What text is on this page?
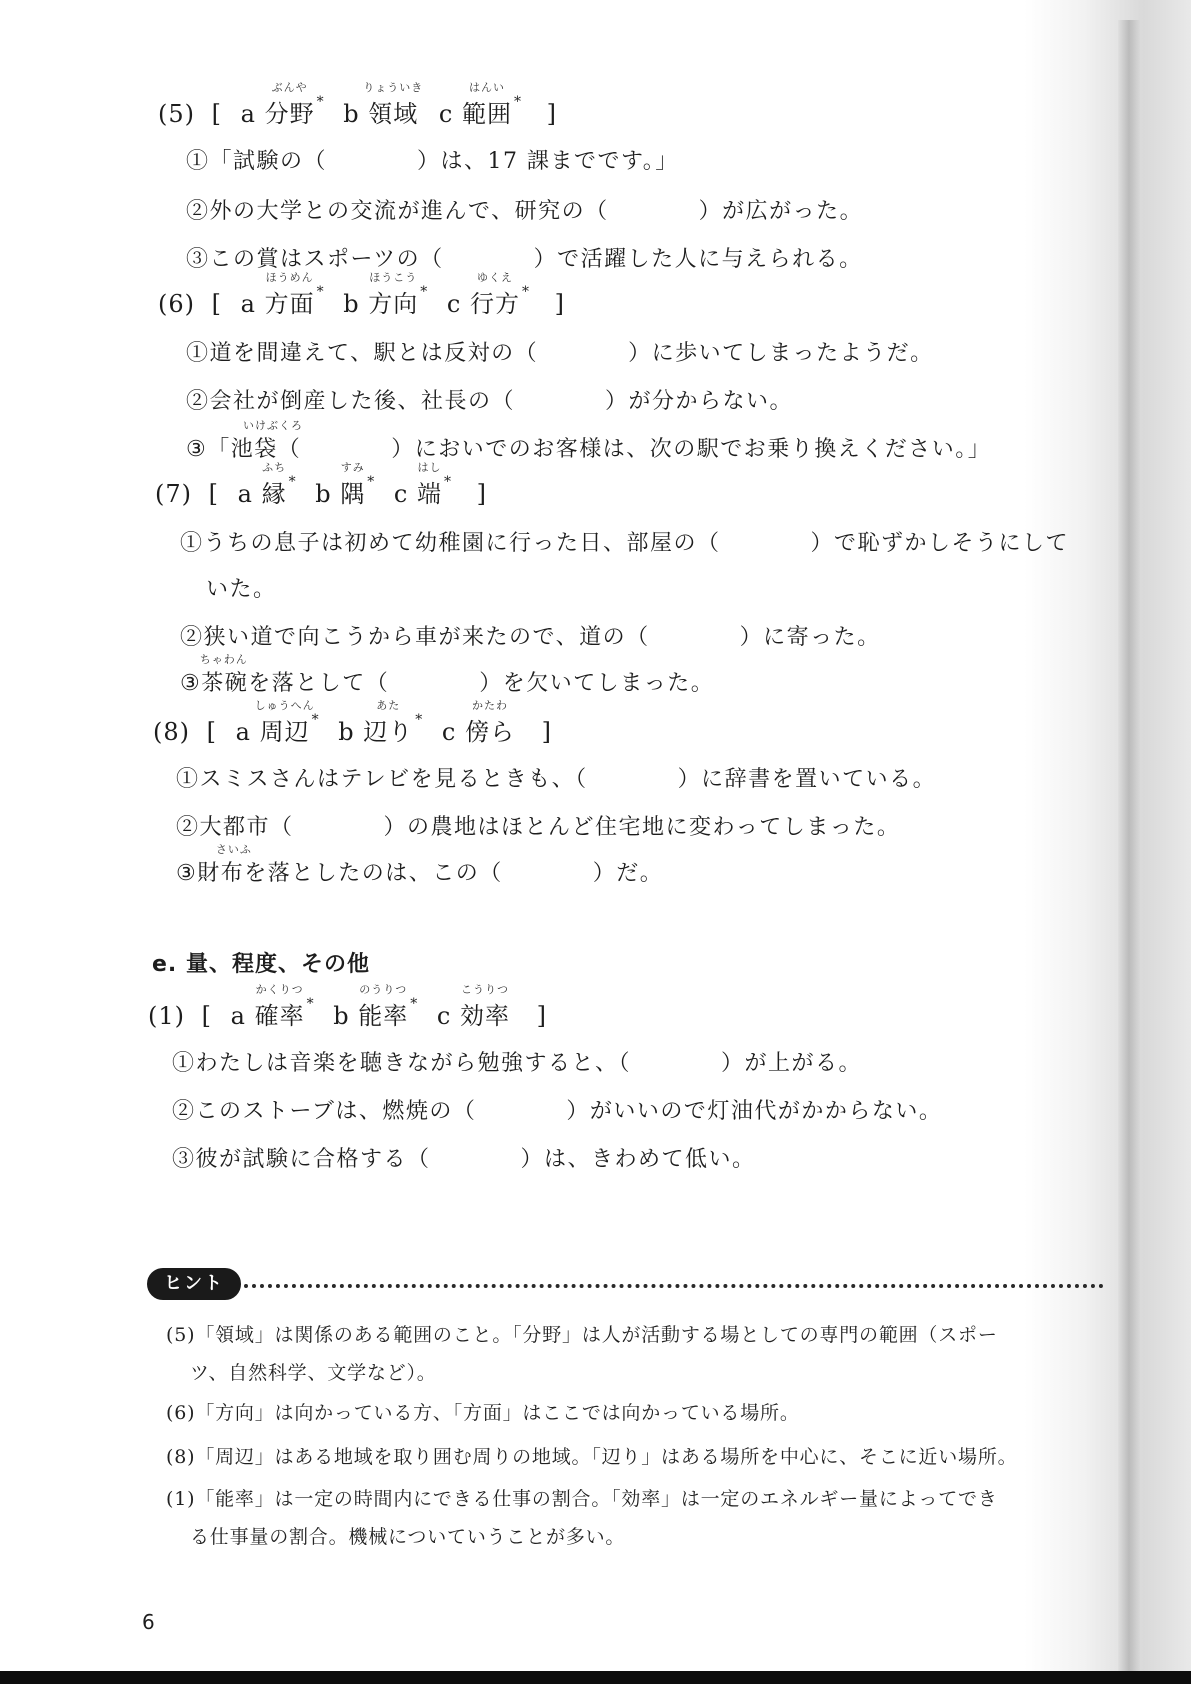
(5) [ a
ぶんや
分野 * b
りょういき
領域 c
はんい
範囲 * ]
①「試験の（	）は、17 課までです。」
②外の大学との交流が進んで、研究の（	）が広がった。
③この賞はスポーツの（	）で活躍した人に与えられる。
(6) [ a
ほうめん
方面 * b
ほうこう
方向 * c
ゆくえ
行方 * ]
①道を間違えて、駅とは反対の（	）に歩いてしまったようだ。
②会社が倒産した後、社長の（	）が分からない。
③
いけぶくろ
「池袋（	）においでのお客様は、次の駅でお乗り換えください。」
(7) [ a
ふち
縁 * b
すみ
隅 * c
はし
端 * ]
①うちの息子は初めて幼稚園に行った日、部屋の（	）で恥ずかしそうにして
いた。
②狭い道で向こうから車が来たので、道の（	）に寄った。
③
ちゃわん
茶碗を落として（	）を欠いてしまった。
(8) [ a
しゅうへん
周辺 * b
あた
辺り * c
かたわ
傍ら ]
①スミスさんはテレビを見るときも、（	）に辞書を置いている。
②大都市（	）の農地はほとんど住宅地に変わってしまった。
③
さいふ
財布を落としたのは、この（	）だ。
e. 量、程度、その他
(1) [ a
かくりつ
確率 * b
のうりつ
能率 * c
こうりつ
効率 ]
①わたしは音楽を聴きながら勉強すると、（	）が上がる。
②このストーブは、燃焼の（	）がいいので灯油代がかからない。
③彼が試験に合格する（	）は、きわめて低い。
ヒント
(5)「領域」は関係のある範囲のこと。「分野」は人が活動する場としての専門の範囲（スポー
ツ、自然科学、文学など）。
(6)「方向」は向かっている方、「方面」はここでは向かっている場所。
(8)「周辺」はある地域を取り囲む周りの地域。「辺り」はある場所を中心に、そこに近い場所。
(1)「能率」は一定の時間内にできる仕事の割合。「効率」は一定のエネルギー量によってでき
る仕事量の割合。機械についていうことが多い。
6
